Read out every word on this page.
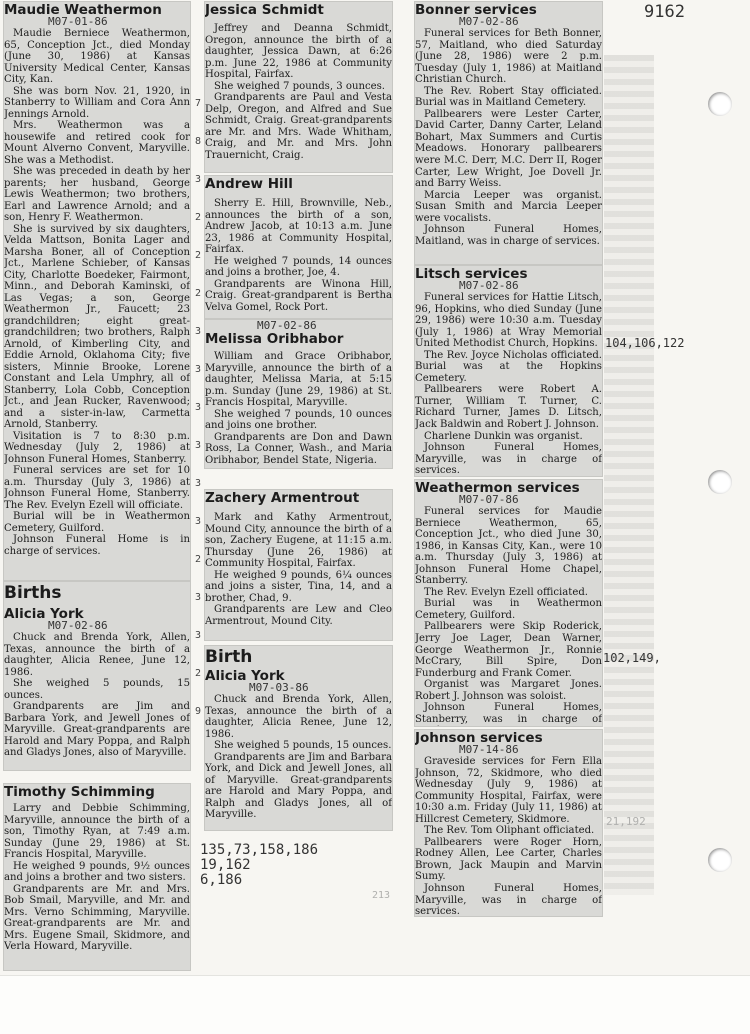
9162
Maudie Weathermon
M07-01-86

Maudie Berniece Weathermon, 65, Conception Jct., died Monday (June 30, 1986) at Kansas University Medical Center, Kansas City, Kan.

She was born Nov. 21, 1920, in Stanberry to William and Cora Ann Jennings Arnold.

Mrs. Weathermon was a housewife and retired cook for Mount Alverno Convent, Maryville. She was a Methodist.

She was preceded in death by her parents; her husband, George Lewis Weathermon; two brothers, Earl and Lawrence Arnold; and a son, Henry F. Weathermon.

She is survived by six daughters, Velda Mattson, Bonita Lager and Marsha Boner, all of Conception Jct., Marlene Schieber, of Kansas City, Charlotte Boedeker, Fairmont, Minn., and Deborah Kaminski, of Las Vegas; a son, George Weathermon Jr., Faucett; 23 grandchildren; eight great-grandchildren; two brothers, Ralph Arnold, of Kimberling City, and Eddie Arnold, Oklahoma City; five sisters, Minnie Brooke, Lorene Constant and Lela Umphry, all of Stanberry, Lola Cobb, Conception Jct., and Jean Rucker, Ravenwood; and a sister-in-law, Carmetta Arnold, Stanberry.

Visitation is 7 to 8:30 p.m. Wednesday (July 2, 1986) at Johnson Funeral Homes, Stanberry.

Funeral services are set for 10 a.m. Thursday (July 3, 1986) at Johnson Funeral Home, Stanberry. The Rev. Evelyn Ezell will officiate.

Burial will be in Weathermon Cemetery, Guilford.

Johnson Funeral Home is in charge of services.

Births
Alicia York
M07-02-86

Chuck and Brenda York, Allen, Texas, announce the birth of a daughter, Alicia Renee, June 12, 1986.

She weighed 5 pounds, 15 ounces.

Grandparents are Jim and Barbara York, and Jewell Jones of Maryville. Great-grandparents are Harold and Mary Poppa, and Ralph and Gladys Jones, also of Maryville.

Timothy Schimming

Larry and Debbie Schimming, Maryville, announce the birth of a son, Timothy Ryan, at 7:49 a.m. Sunday (June 29, 1986) at St. Francis Hospital, Maryville.

He weighed 9 pounds, 9½ ounces and joins a brother and two sisters.

Grandparents are Mr. and Mrs. Bob Smail, Maryville, and Mr. and Mrs. Verno Schimming, Maryville. Great-grandparents are Mr. and Mrs. Eugene Smail, Skidmore, and Verla Howard, Maryville.

7
8
3
2
2
2
3
3
3
3
3
3
2
3
3
2
9
Jessica Schmidt

Jeffrey and Deanna Schmidt, Oregon, announce the birth of a daughter, Jessica Dawn, at 6:26 p.m. June 22, 1986 at Community Hospital, Fairfax.

She weighed 7 pounds, 3 ounces.

Grandparents are Paul and Vesta Delp, Oregon, and Alfred and Sue Schmidt, Craig. Great-grandparents are Mr. and Mrs. Wade Whitham, Craig, and Mr. and Mrs. John Trauernicht, Craig.

Andrew Hill

Sherry E. Hill, Brownville, Neb., announces the birth of a son, Andrew Jacob, at 10:13 a.m. June 23, 1986 at Community Hospital, Fairfax.

He weighed 7 pounds, 14 ounces and joins a brother, Joe, 4.

Grandparents are Winona Hill, Craig. Great-grandparent is Bertha Velva Gomel, Rock Port.

M07-02-86
Melissa Oribhabor

William and Grace Oribhabor, Maryville, announce the birth of a daughter, Melissa Maria, at 5:15 p.m. Sunday (June 29, 1986) at St. Francis Hospital, Maryville.

She weighed 7 pounds, 10 ounces and joins one brother.

Grandparents are Don and Dawn Ross, La Conner, Wash., and Maria Oribhabor, Bendel State, Nigeria.

Zachery Armentrout

Mark and Kathy Armentrout, Mound City, announce the birth of a son, Zachery Eugene, at 11:15 a.m. Thursday (June 26, 1986) at Community Hospital, Fairfax.

He weighed 9 pounds, 6¼ ounces and joins a sister, Tina, 14, and a brother, Chad, 9.

Grandparents are Lew and Cleo Armentrout, Mound City.

Birth
Alicia York
M07-03-86

Chuck and Brenda York, Allen, Texas, announce the birth of a daughter, Alicia Renee, June 12, 1986.

She weighed 5 pounds, 15 ounces.

Grandparents are Jim and Barbara York, and Dick and Jewell Jones, all of Maryville. Great-grandparents are Harold and Mary Poppa, and Ralph and Gladys Jones, all of Maryville.

135,73,158,186
19,162
6,186
213
Bonner services
M07-02-86

Funeral services for Beth Bonner, 57, Maitland, who died Saturday (June 28, 1986) were 2 p.m. Tuesday (July 1, 1986) at Maitland Christian Church.

The Rev. Robert Stay officiated. Burial was in Maitland Cemetery.

Pallbearers were Lester Carter, David Carter, Danny Carter, Leland Bohart, Max Summers and Curtis Meadows. Honorary pallbearers were M.C. Derr, M.C. Derr II, Roger Carter, Lew Wright, Joe Dovell Jr. and Barry Weiss.

Marcia Leeper was organist. Susan Smith and Marcia Leeper were vocalists.

Johnson Funeral Homes, Maitland, was in charge of services.

Litsch services
M07-02-86

Funeral services for Hattie Litsch, 96, Hopkins, who died Sunday (June 29, 1986) were 10:30 a.m. Tuesday (July 1, 1986) at Wray Memorial United Methodist Church, Hopkins.

The Rev. Joyce Nicholas officiated. Burial was at the Hopkins Cemetery.

Pallbearers were Robert A. Turner, William T. Turner, C. Richard Turner, James D. Litsch, Jack Baldwin and Robert J. Johnson.

Charlene Dunkin was organist.

Johnson Funeral Homes, Maryville, was in charge of services.

Weathermon services
M07-07-86

Funeral services for Maudie Berniece Weathermon, 65, Conception Jct., who died June 30, 1986, in Kansas City, Kan., were 10 a.m. Thursday (July 3, 1986) at Johnson Funeral Home Chapel, Stanberry.

The Rev. Evelyn Ezell officiated.

Burial was in Weathermon Cemetery, Guilford.

Pallbearers were Skip Roderick, Jerry Joe Lager, Dean Warner, George Weathermon Jr., Ronnie McCrary, Bill Spire, Don Funderburg and Frank Comer.

Organist was Margaret Jones. Robert J. Johnson was soloist.

Johnson Funeral Homes, Stanberry, was in charge of

Johnson services
M07-14-86

Graveside services for Fern Ella Johnson, 72, Skidmore, who died Wednesday (July 9, 1986) at Community Hospital, Fairfax, were 10:30 a.m. Friday (July 11, 1986) at Hillcrest Cemetery, Skidmore.

The Rev. Tom Oliphant officiated.

Pallbearers were Roger Horn, Rodney Allen, Lee Carter, Charles Brown, Jack Maupin and Marvin Sumy.

Johnson Funeral Homes, Maryville, was in charge of services.

104,106,122
102,149,
21,192
